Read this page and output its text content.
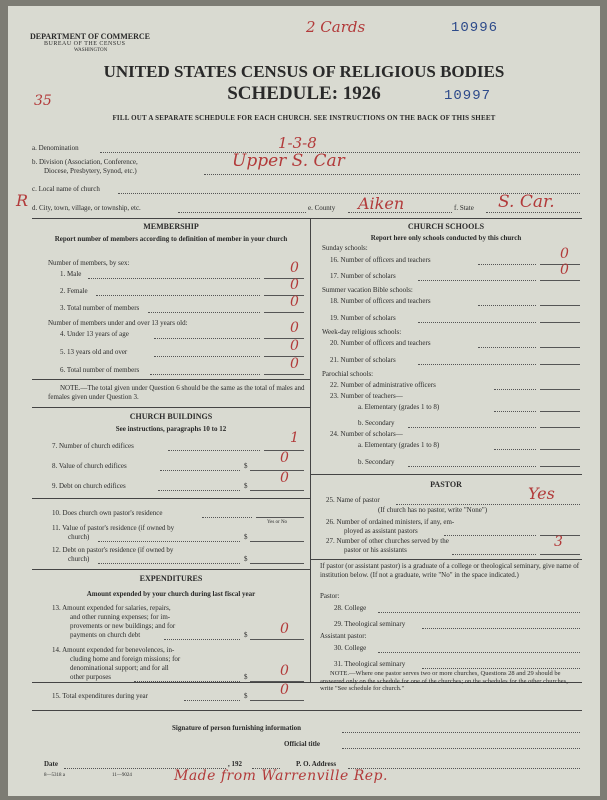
DEPARTMENT OF COMMERCE
BUREAU OF THE CENSUS
WASHINGTON
2 Cards	10996
UNITED STATES CENSUS OF RELIGIOUS BODIES
SCHEDULE: 1926
35	10997
FILL OUT A SEPARATE SCHEDULE FOR EACH CHURCH. SEE INSTRUCTIONS ON THE BACK OF THIS SHEET
a. Denomination	1-3-8
b. Division (Association, Conference,
Diocese, Presbytery, Synod, etc.)	Upper S. Car
R
c. Local name of church
d. City, town, village, or township, etc.	e. County Aiken	f. State S. Car.
MEMBERSHIP
Report number of members according to definition of member in your church
Number of members, by sex:
1. Male	0
2. Female	0
3. Total number of members	0
Number of members under and over 13 years old:
4. Under 13 years of age	0
5. 13 years old and over	0
6. Total number of members	0
NOTE.—The total given under Question 6 should be the same as the total of males and females given under Question 3.
CHURCH BUILDINGS
See instructions, paragraphs 10 to 12
7. Number of church edifices	1
8. Value of church edifices	$ 0
9. Debt on church edifices	$ 0
10. Does church own pastor's residence
Yes or No
11. Value of pastor's residence (if owned by
church)	$
12. Debt on pastor's residence (if owned by
church)	$
EXPENDITURES
Amount expended by your church during last fiscal year
13. Amount expended for salaries, repairs,
and other running expenses; for im-
provements or new buildings; and for
payments on church debt	$ 0
14. Amount expended for benevolences, in-
cluding home and foreign missions; for
denominational support; and for all
other purposes	$ 0
CHURCH SCHOOLS
Report here only schools conducted by this church
Sunday schools:
16. Number of officers and teachers	0
17. Number of scholars	0
Summer vacation Bible schools:
18. Number of officers and teachers
19. Number of scholars
Week-day religious schools:
20. Number of officers and teachers
21. Number of scholars
Parochial schools:
22. Number of administrative officers
23. Number of teachers—
a. Elementary (grades 1 to 8)
b. Secondary
24. Number of scholars—
a. Elementary (grades 1 to 8)
b. Secondary
PASTOR
25. Name of pastor	Yes
(If church has no pastor, write "None")
26. Number of ordained ministers, if any, em-
ployed as assistant pastors
27. Number of other churches served by the
pastor or his assistants	3
If pastor (or assistant pastor) is a graduate of a college or theological seminary, give name of institution below. (If not a graduate, write "No" in the space indicated.)
Pastor:
28. College
29. Theological seminary
Assistant pastor:
30. College
31. Theological seminary
NOTE.—Where one pastor serves two or more churches, Questions 28 and 29 should be answered only on the schedule for one of the churches; on the schedules for the other churches, write "See schedule for church."
15. Total expenditures during year	$ 0
Signature of person furnishing information
Official title
Date	, 192	P. O. Address
8—5318 a	11—9024	Made from Warrenville Rep.
